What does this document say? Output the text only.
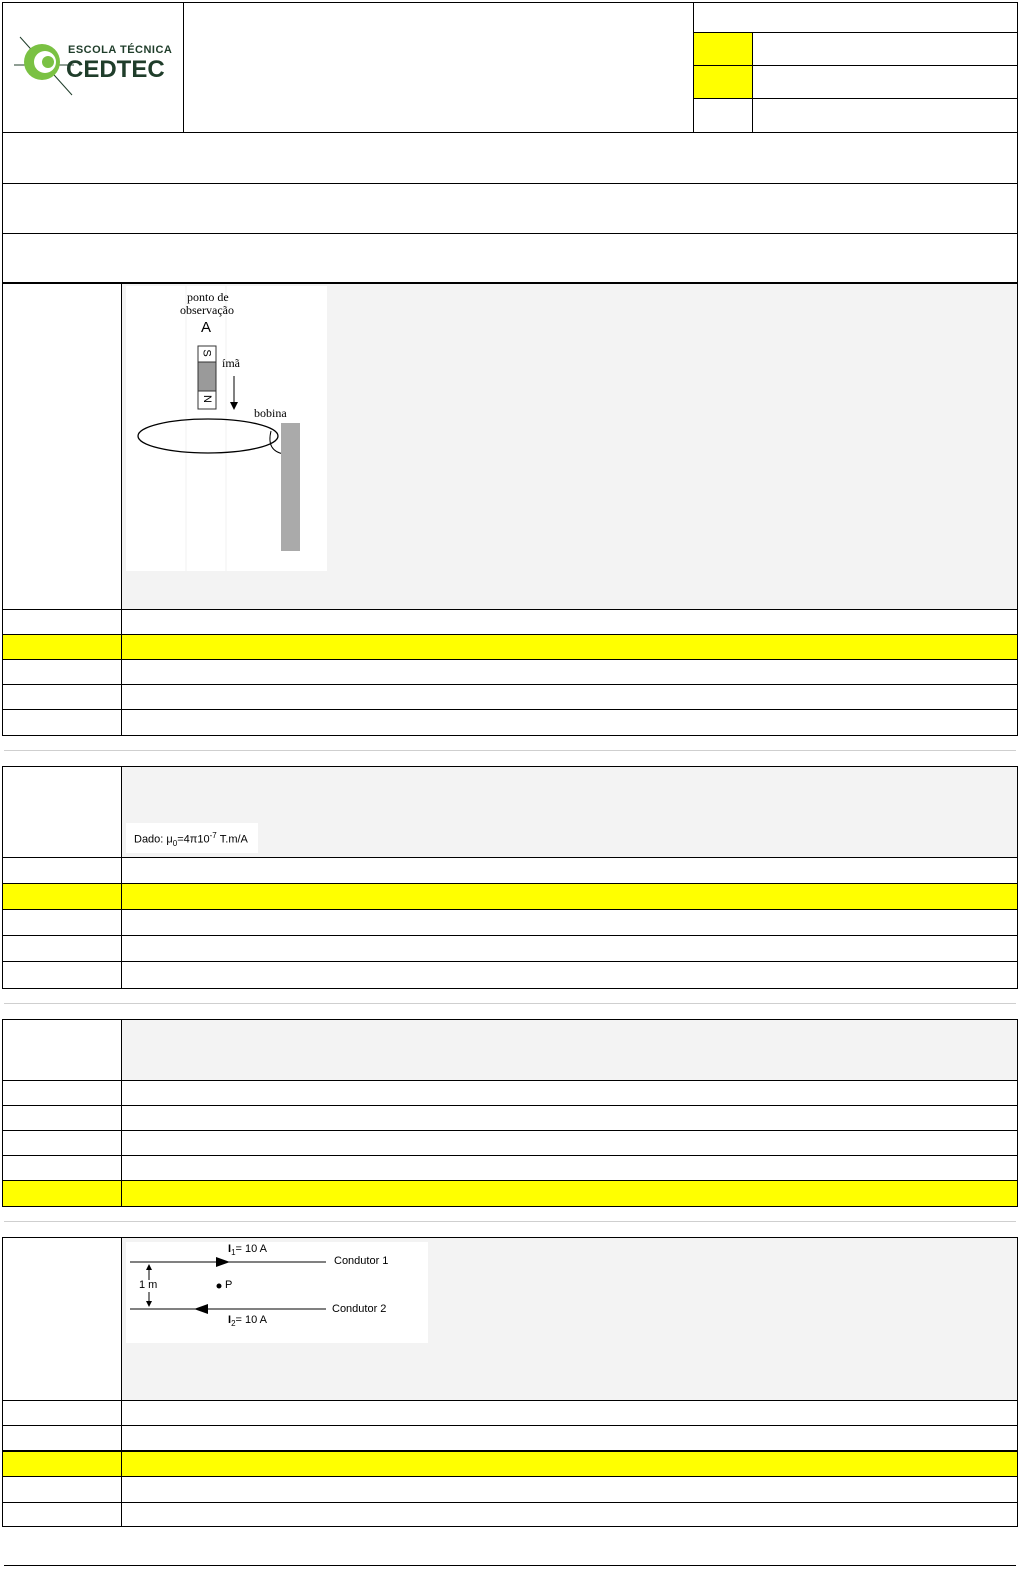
ESCOLA TÉCNICA
CEDTEC
ponto de
observação
A
S
N
ímã
bobina
Dado: $\mu_0=4\pi 10^{-7}$ T.m/A
$I_1= 10$ A
Condutor 1
1 m	P
Condutor 2
$I_2= 10$ A
